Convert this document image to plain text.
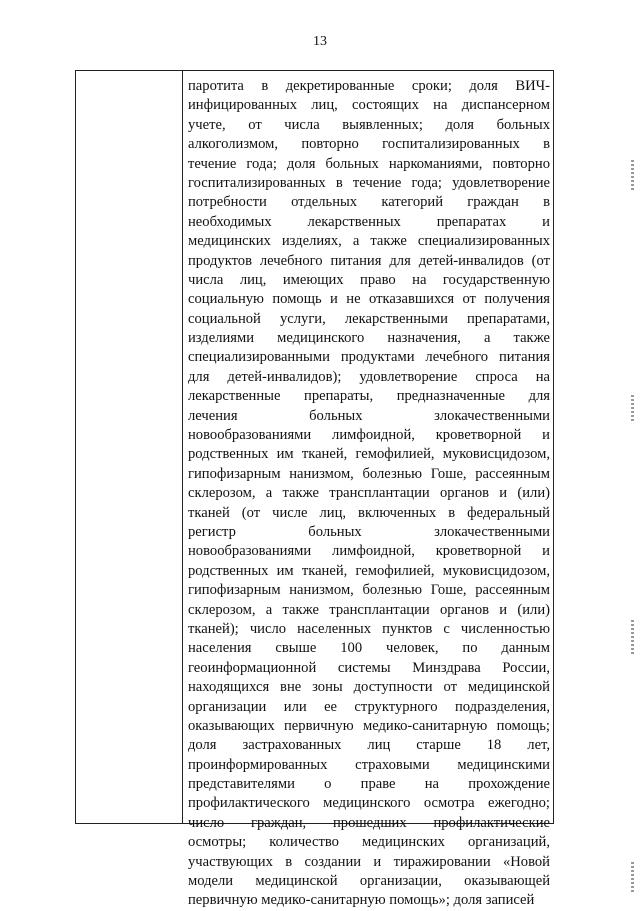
13
паротита в декретированные сроки; доля ВИЧ-
инфицированных лиц, состоящих на диспансерном
учете, от числа выявленных; доля больных
алкоголизмом, повторно госпитализированных в
течение года; доля больных наркоманиями, повторно
госпитализированных в течение года; удовлетворение
потребности отдельных категорий граждан в
необходимых лекарственных препаратах и
медицинских изделиях, а также специализированных
продуктов лечебного питания для детей-инвалидов (от
числа лиц, имеющих право на государственную
социальную помощь и не отказавшихся от получения
социальной услуги, лекарственными препаратами,
изделиями медицинского назначения, а также
специализированными продуктами лечебного питания
для детей-инвалидов); удовлетворение спроса на
лекарственные препараты, предназначенные для
лечения больных злокачественными
новообразованиями лимфоидной, кроветворной и
родственных им тканей, гемофилией, муковисцидозом,
гипофизарным нанизмом, болезнью Гоше, рассеянным
склерозом, а также трансплантации органов и (или)
тканей (от числе лиц, включенных в федеральный
регистр больных злокачественными
новообразованиями лимфоидной, кроветворной и
родственных им тканей, гемофилией, муковисцидозом,
гипофизарным нанизмом, болезнью Гоше, рассеянным
склерозом, а также трансплантации органов и (или)
тканей); число населенных пунктов с численностью
населения свыше 100 человек, по данным
геоинформационной системы Минздрава России,
находящихся вне зоны доступности от медицинской
организации или ее структурного подразделения,
оказывающих первичную медико-санитарную помощь;
доля застрахованных лиц старше 18 лет,
проинформированных страховыми медицинскими
представителями о праве на прохождение
профилактического медицинского осмотра ежегодно;
число граждан, прошедших профилактические
осмотры; количество медицинских организаций,
участвующих в создании и тиражировании «Новой
модели медицинской организации, оказывающей
первичную медико-санитарную помощь»; доля записей
